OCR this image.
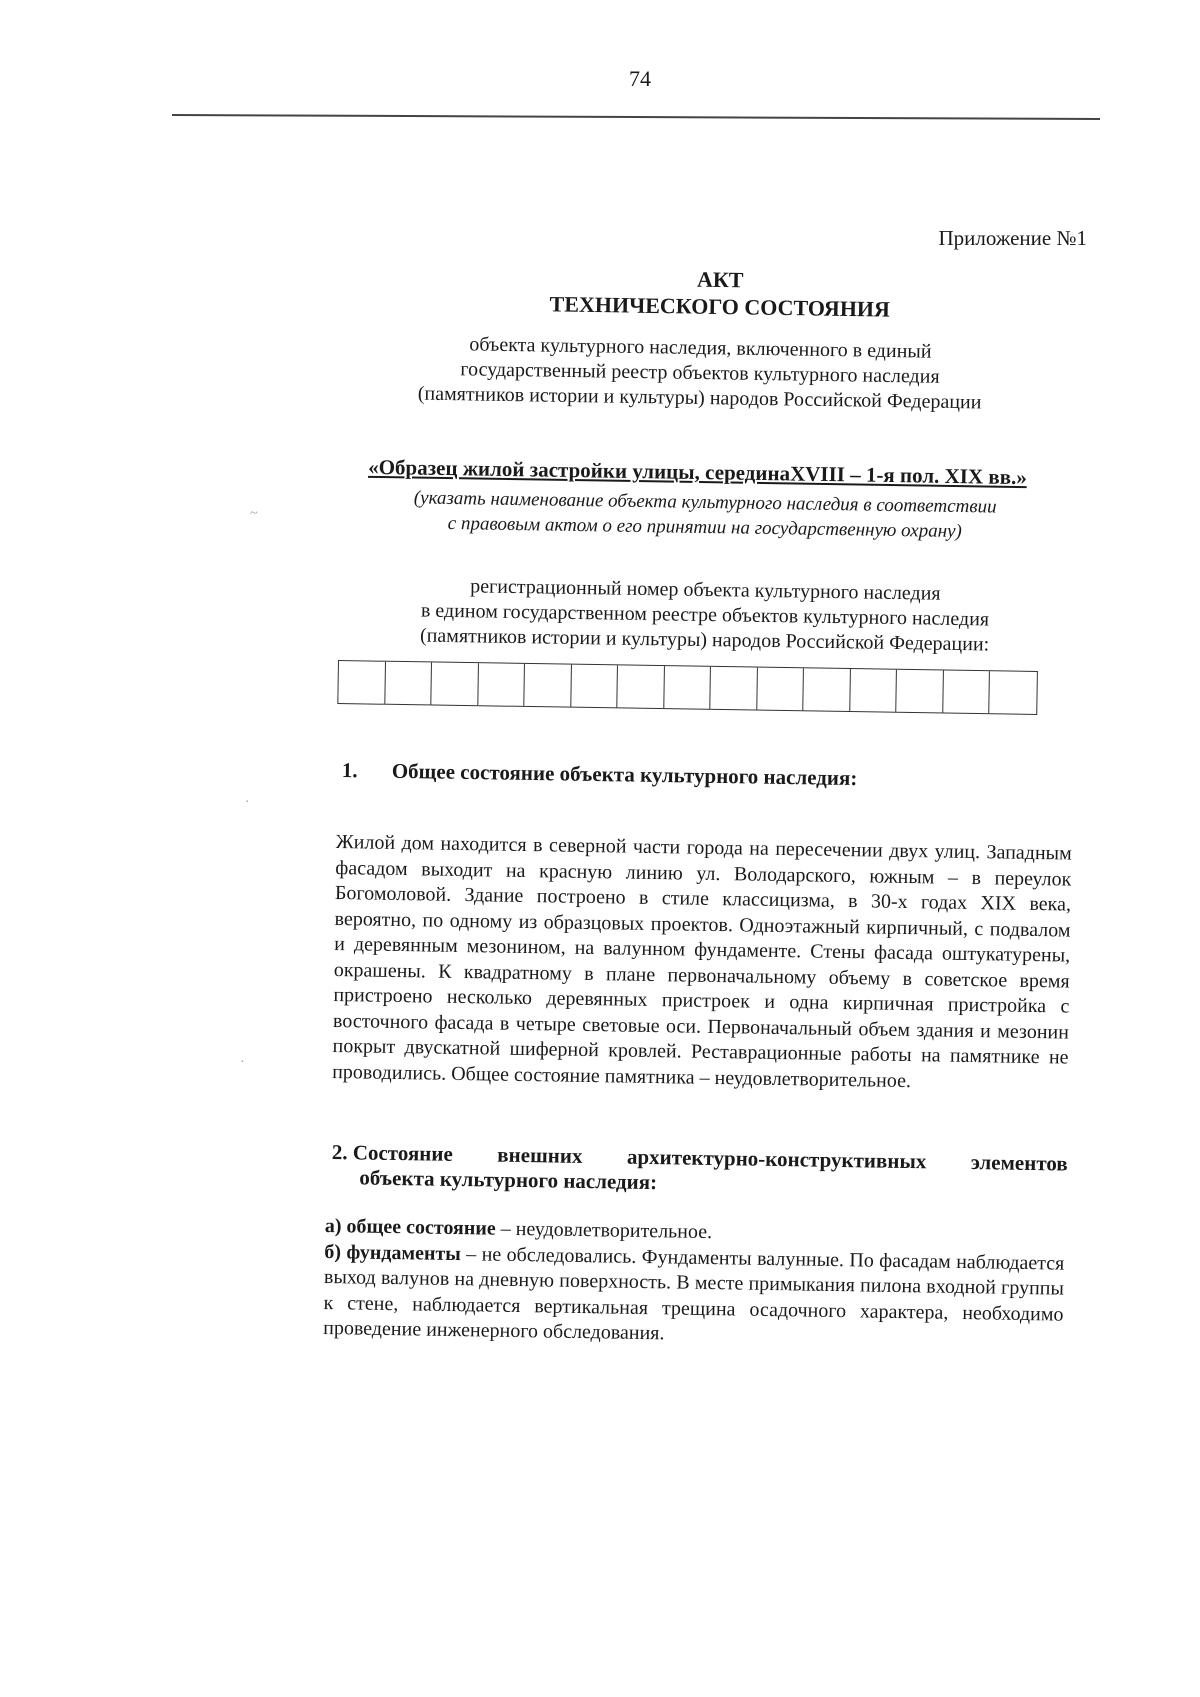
74
Приложение №1
АКТ
ТЕХНИЧЕСКОГО СОСТОЯНИЯ
объекта культурного наследия, включенного в единый
государственный реестр объектов культурного наследия
(памятников истории и культуры) народов Российской Федерации
«Образец жилой застройки улицы, серединаXVIII – 1-я пол. XIX вв.»
(указать наименование объекта культурного наследия в соответствии
с правовым актом о его принятии на государственную охрану)
регистрационный номер объекта культурного наследия
в едином государственном реестре объектов культурного наследия
(памятников истории и культуры) народов Российской Федерации:
1. Общее состояние объекта культурного наследия:
Жилой дом находится в северной части города на пересечении двух улиц. Западным фасадом выходит на красную линию ул. Володарского, южным – в переулок Богомоловой. Здание построено в стиле классицизма, в 30-х годах XIX века, вероятно, по одному из образцовых проектов. Одноэтажный кирпичный, с подвалом и деревянным мезонином, на валунном фундаменте. Стены фасада оштукатурены, окрашены. К квадратному в плане первоначальному объему в советское время пристроено несколько деревянных пристроек и одна кирпичная пристройка с восточного фасада в четыре световые оси. Первоначальный объем здания и мезонин покрыт двускатной шиферной кровлей. Реставрационные работы на памятнике не проводились. Общее состояние памятника – неудовлетворительное.
2. Состояние внешних архитектурно-конструктивных элементов
объекта культурного наследия:

а) общее состояние – неудовлетворительное.

б) фундаменты – не обследовались. Фундаменты валунные. По фасадам наблюдается выход валунов на дневную поверхность. В месте примыкания пилона входной группы к стене, наблюдается вертикальная трещина осадочного характера, необходимо проведение инженерного обследования.

~
·
·
